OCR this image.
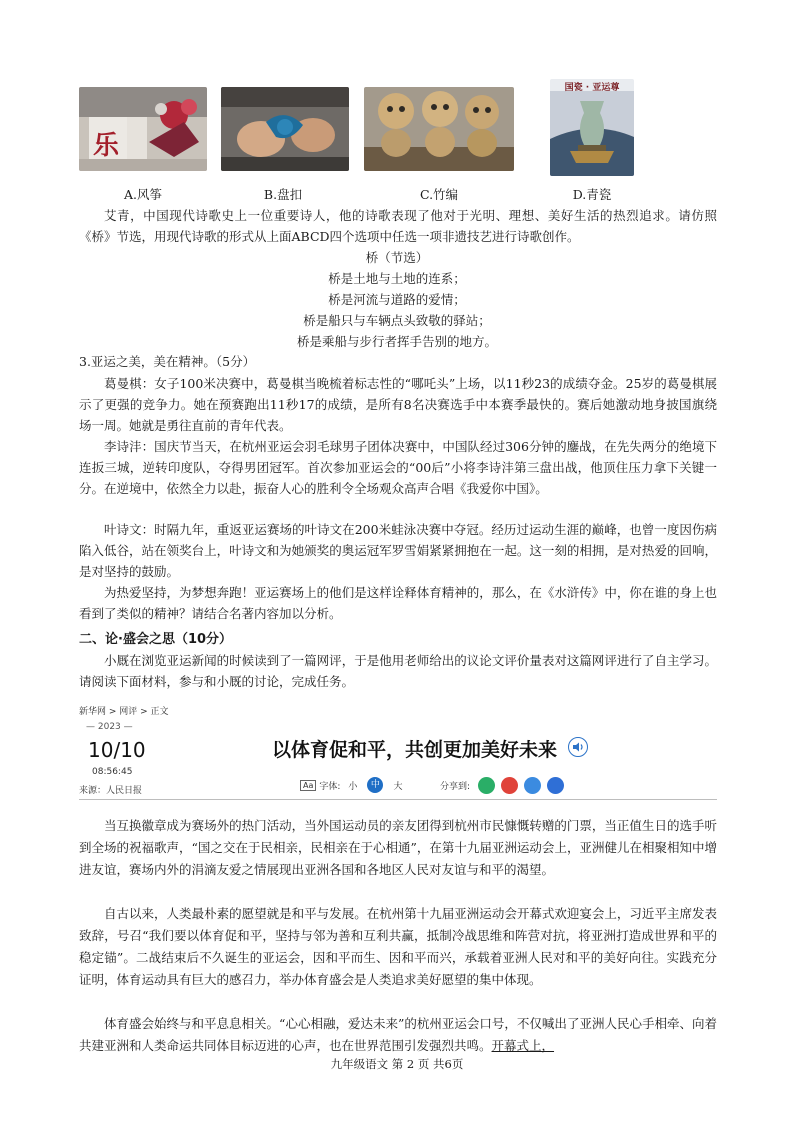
乐
国瓷 · 亚运尊
A.风筝	B.盘扣	C.竹编	D.青瓷

艾青，中国现代诗歌史上一位重要诗人，他的诗歌表现了他对于光明、理想、美好生活的热烈追求。请仿照《桥》节选，用现代诗歌的形式从上面ABCD四个选项中任选一项非遗技艺进行诗歌创作。

桥（节选）
桥是土地与土地的连系；
桥是河流与道路的爱情；
桥是船只与车辆点头致敬的驿站；
桥是乘船与步行者挥手告别的地方。
3.亚运之美，美在精神。（5分）

葛曼棋：女子100米决赛中，葛曼棋当晚梳着标志性的“哪吒头”上场，以11秒23的成绩夺金。25岁的葛曼棋展示了更强的竞争力。她在预赛跑出11秒17的成绩，是所有8名决赛选手中本赛季最快的。赛后她激动地身披国旗绕场一周。她就是勇往直前的青年代表。

李诗沣：国庆节当天，在杭州亚运会羽毛球男子团体决赛中，中国队经过306分钟的鏖战，在先失两分的绝境下连扳三城，逆转印度队，夺得男团冠军。首次参加亚运会的“00后”小将李诗沣第三盘出战，他顶住压力拿下关键一分。在逆境中，依然全力以赴，振奋人心的胜利令全场观众高声合唱《我爱你中国》。

叶诗文：时隔九年，重返亚运赛场的叶诗文在200米蛙泳决赛中夺冠。经历过运动生涯的巅峰，也曾一度因伤病陷入低谷，站在领奖台上，叶诗文和为她颁奖的奥运冠军罗雪娟紧紧拥抱在一起。这一刻的相拥，是对热爱的回响，是对坚持的鼓励。

为热爱坚持，为梦想奔跑！亚运赛场上的他们是这样诠释体育精神的，那么，在《水浒传》中，你在谁的身上也看到了类似的精神？请结合名著内容加以分析。

二、论·盛会之思（10分）

小厩在浏览亚运新闻的时候读到了一篇网评，于是他用老师给出的议论文评价量表对这篇网评进行了自主学习。请阅读下面材料，参与和小厩的讨论，完成任务。

新华网 > 网评 > 正文
— 2023 —
10/10
08:56:45
来源：人民日报
以体育促和平，共创更加美好未来
Aa 字体: 小	中	大	分享到:

当互换徽章成为赛场外的热门活动，当外国运动员的亲友团得到杭州市民慷慨转赠的门票，当正值生日的选手听到全场的祝福歌声，“国之交在于民相亲，民相亲在于心相通”，在第十九届亚洲运动会上，亚洲健儿在相聚相知中增进友谊，赛场内外的涓滴友爱之情展现出亚洲各国和各地区人民对友谊与和平的渴望。

自古以来，人类最朴素的愿望就是和平与发展。在杭州第十九届亚洲运动会开幕式欢迎宴会上，习近平主席发表致辞，号召“我们要以体育促和平，坚持与邻为善和互利共赢，抵制冷战思维和阵营对抗，将亚洲打造成世界和平的稳定锚”。二战结束后不久诞生的亚运会，因和平而生、因和平而兴，承载着亚洲人民对和平的美好向往。实践充分证明，体育运动具有巨大的感召力，举办体育盛会是人类追求美好愿望的集中体现。

体育盛会始终与和平息息相关。“心心相融，爱达未来”的杭州亚运会口号，不仅喊出了亚洲人民心手相牵、向着共建亚洲和人类命运共同体目标迈进的心声，也在世界范围引发强烈共鸣。开幕式上，

九年级语文 第 2 页 共6页
